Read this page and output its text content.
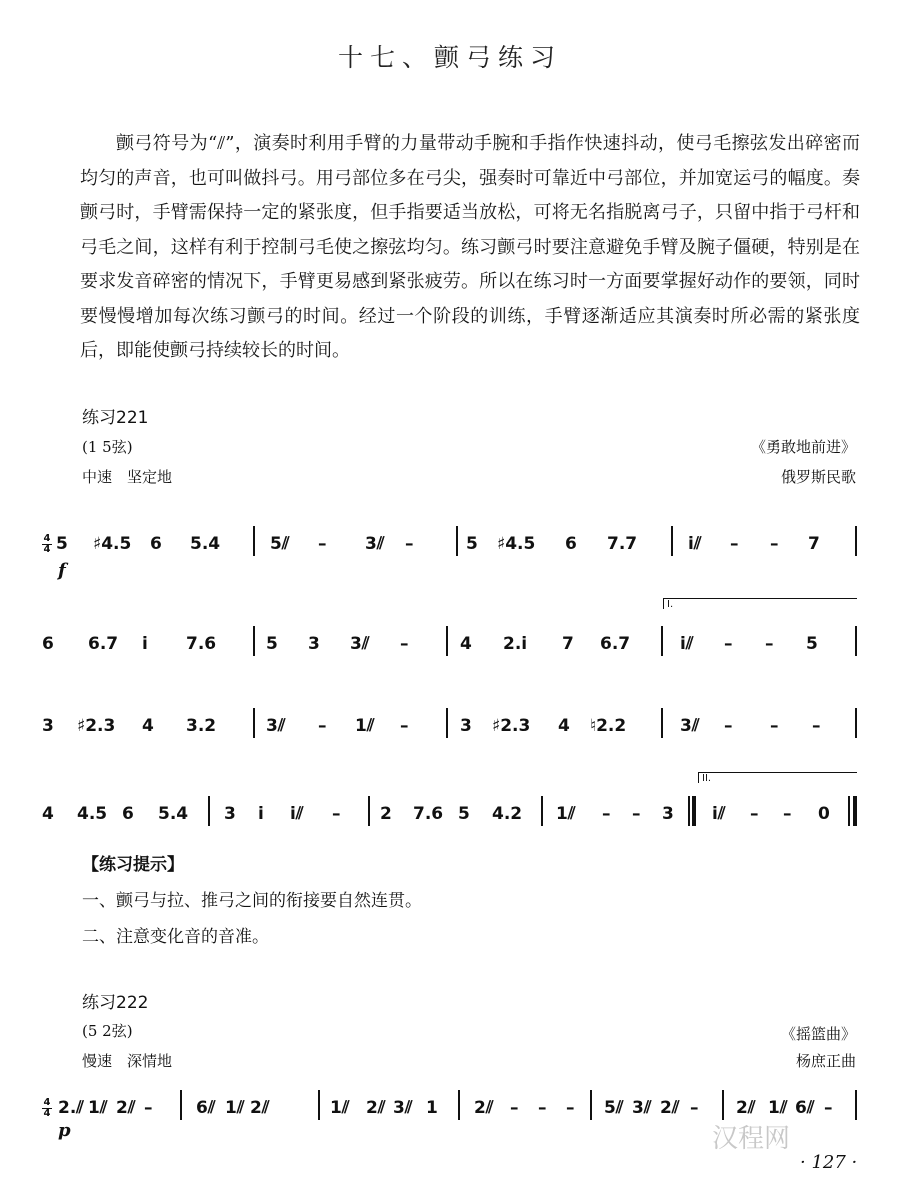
十七、颤弓练习
颤弓符号为“⫽”，演奏时利用手臂的力量带动手腕和手指作快速抖动，使弓毛擦弦发出碎密而均匀的声音，也可叫做抖弓。用弓部位多在弓尖，强奏时可靠近中弓部位，并加宽运弓的幅度。奏颤弓时，手臂需保持一定的紧张度，但手指要适当放松，可将无名指脱离弓子，只留中指于弓杆和弓毛之间，这样有利于控制弓毛使之擦弦均匀。练习颤弓时要注意避免手臂及腕子僵硬，特别是在要求发音碎密的情况下，手臂更易感到紧张疲劳。所以在练习时一方面要掌握好动作的要领，同时要慢慢增加每次练习颤弓的时间。经过一个阶段的训练，手臂逐渐适应其演奏时所必需的紧张度后，即能使颤弓持续较长的时间。
练习221
(1 5弦)	《勇敢地前进》
中速　坚定地	俄罗斯民歌
4
4
f
5 ♯4.5 6 5.4	5⫽ – 3⫽ –	5 ♯4.5 6 7.7	i⫽ – – 7
6 6.7 i 7.6	5 3 3⫽ –	4 2.i 7 6.7
I.
i⫽ – – 5
3 ♯2.3 4 3.2	3⫽ – 1⫽ –	3 ♯2.3 4 ♮2.2	3⫽ – – –
4 4.5 6 5.4 3 i i⫽ – 2 7.6 5 4.2 1⫽ – – 3
II.
i⫽ – – 0
【练习提示】
一、颤弓与拉、推弓之间的衔接要自然连贯。
二、注意变化音的音准。
练习222
(5 2弦)	《摇篮曲》
慢速　深情地	杨庶正曲
4
4
p
2.⫽ 1⫽ 2⫽ –	6⫽ 1⫽ 2⫽	1⫽ 2⫽ 3⫽ 1 2⫽ – – – 5⫽ 3⫽ 2⫽ – 2⫽ 1⫽ 6⫽ –
汉程网
· 127 ·
